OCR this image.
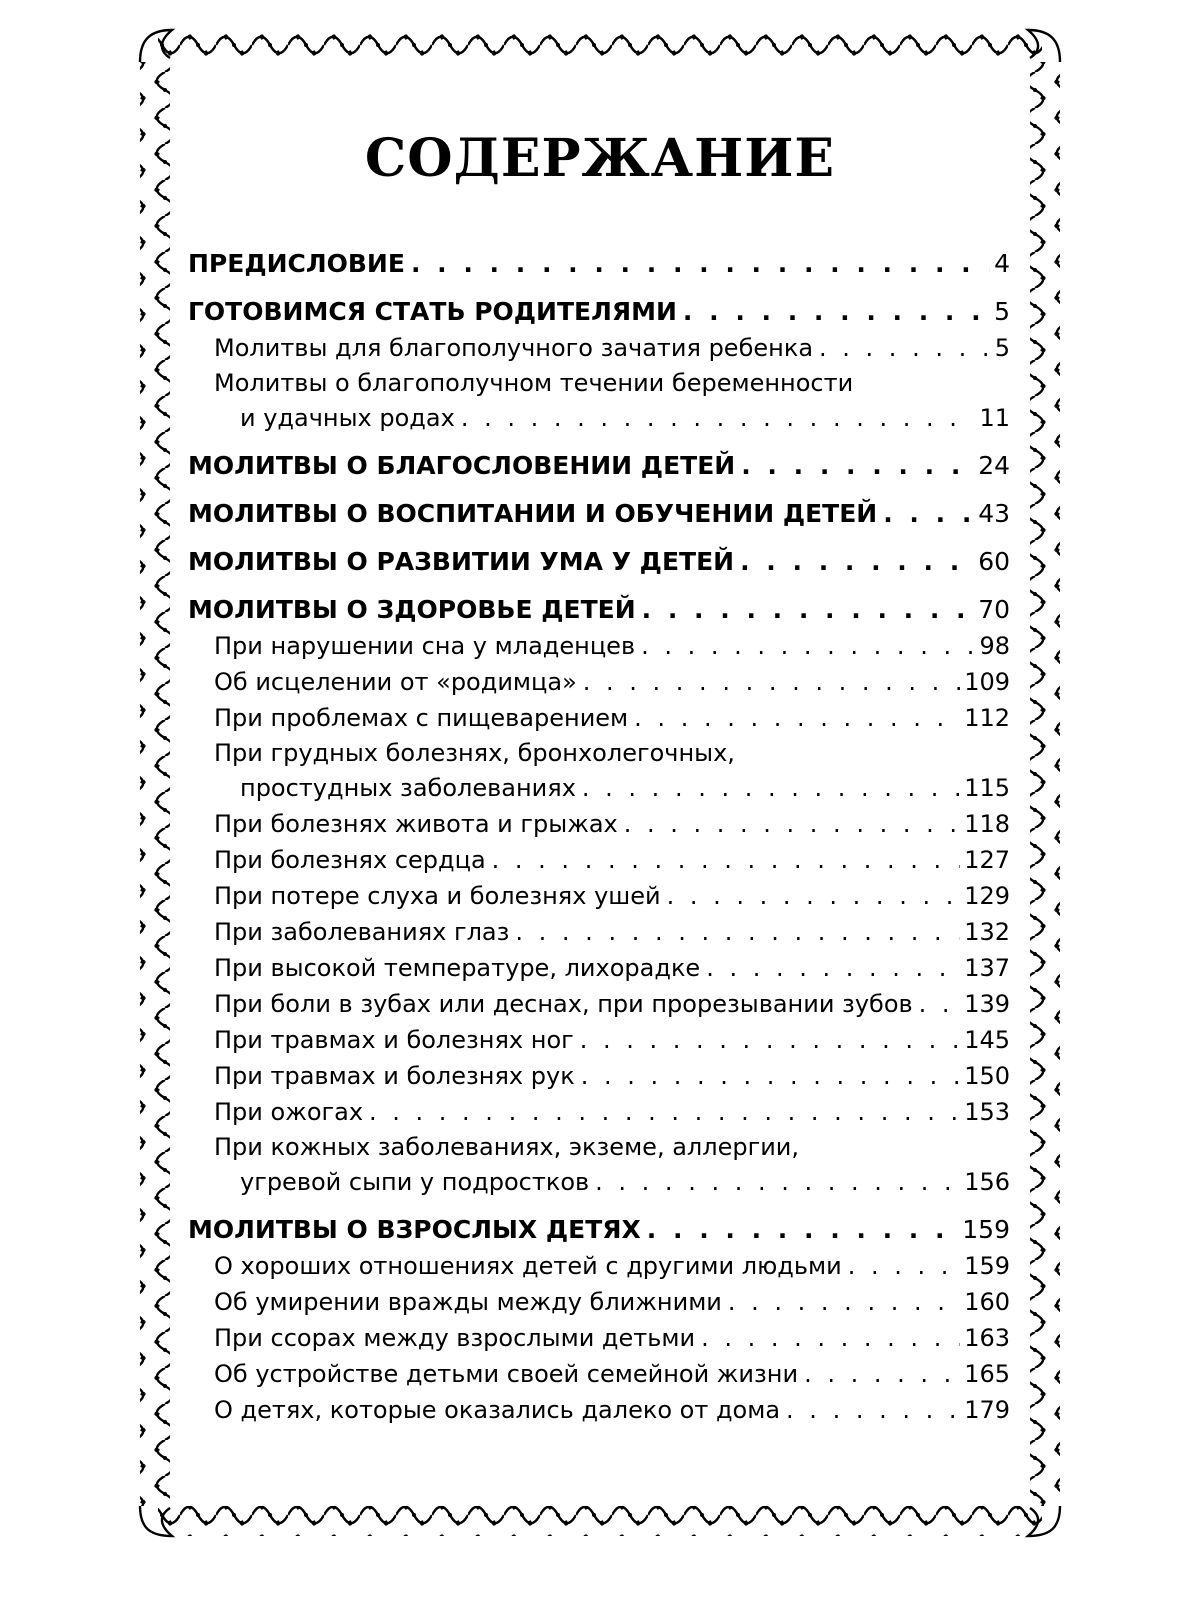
СОДЕРЖАНИЕ
ПРЕДИСЛОВИЕ . . .	4
ГОТОВИМСЯ СТАТЬ РОДИТЕЛЯМИ . . .	5
Молитвы для благополучного зачатия ребенка . . .	5
Молитвы о благополучном течении беременности
и удачных родах . . .	11
МОЛИТВЫ О БЛАГОСЛОВЕНИИ ДЕТЕЙ . . .	24
МОЛИТВЫ О ВОСПИТАНИИ И ОБУЧЕНИИ ДЕТЕЙ . . .	43
МОЛИТВЫ О РАЗВИТИИ УМА У ДЕТЕЙ . . .	60
МОЛИТВЫ О ЗДОРОВЬЕ ДЕТЕЙ . . .	70
При нарушении сна у младенцев . . .	98
Об исцелении от «родимца» . . .	109
При проблемах с пищеварением . . .	112
При грудных болезнях, бронхолегочных,
простудных заболеваниях . . .	115
При болезнях живота и грыжах . . .	118
При болезнях сердца . . .	127
При потере слуха и болезнях ушей . . .	129
При заболеваниях глаз . . .	132
При высокой температуре, лихорадке . . .	137
При боли в зубах или деснах, при прорезывании зубов . . . 139
При травмах и болезнях ног . . .	145
При травмах и болезнях рук . . .	150
При ожогах . . .	153
При кожных заболеваниях, экземе, аллергии,
угревой сыпи у подростков . . .	156
МОЛИТВЫ О ВЗРОСЛЫХ ДЕТЯХ . . .	159
О хороших отношениях детей с другими людьми . . .	159
Об умирении вражды между ближними . . .	160
При ссорах между взрослыми детьми . . .	163
Об устройстве детьми своей семейной жизни . . .	165
О детях, которые оказались далеко от дома . . .	179
